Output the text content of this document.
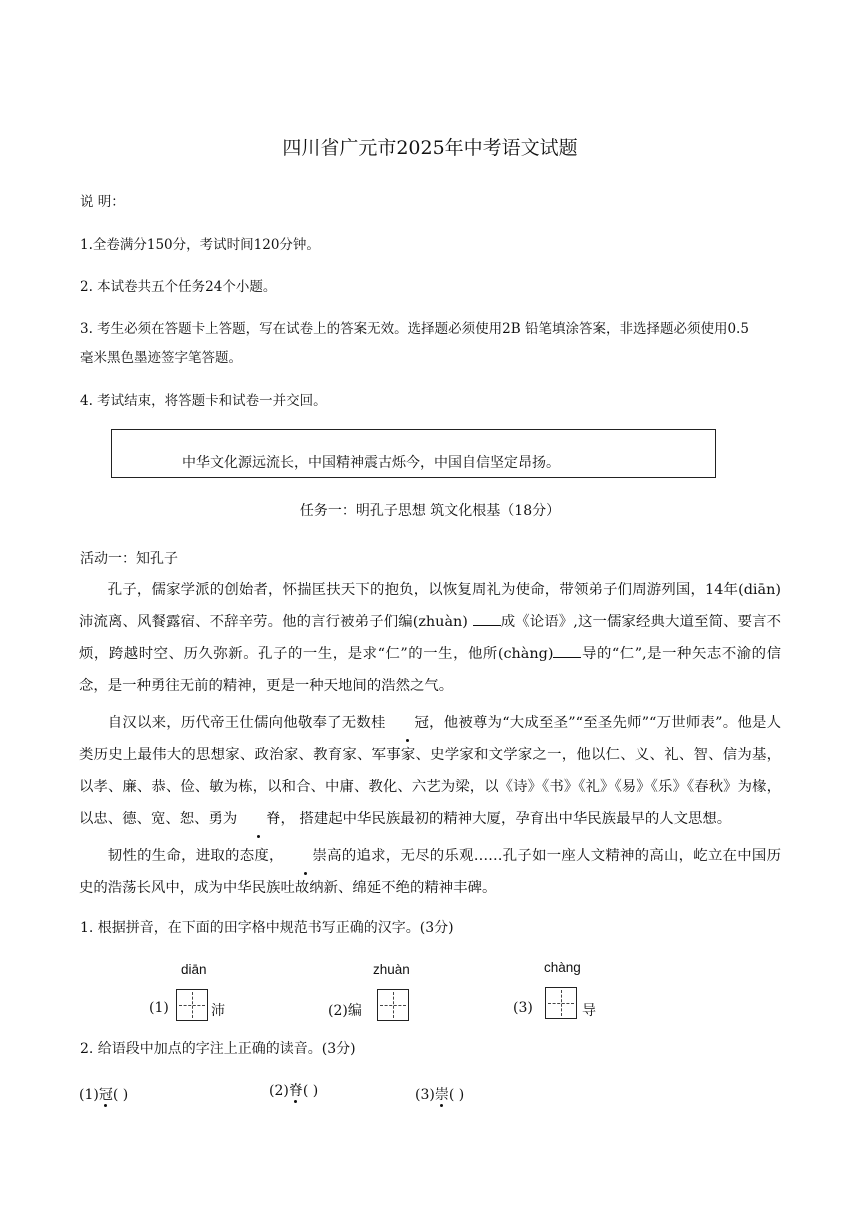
四川省广元市2025年中考语文试题
说 明：
1.全卷满分150分，考试时间120分钟。
2. 本试卷共五个任务24个小题。
3. 考生必须在答题卡上答题，写在试卷上的答案无效。选择题必须使用2B 铅笔填涂答案，非选择题必须使用0.5
毫米黑色墨迹签字笔答题。
4. 考试结束，将答题卡和试卷一并交回。
中华文化源远流长，中国精神震古烁今，中国自信坚定昂扬。
任务一：明孔子思想 筑文化根基（18分）
活动一：知孔子
孔子，儒家学派的创始者，怀揣匡扶天下的抱负，以恢复周礼为使命，带领弟子们周游列国，14年(diān)沛流离、风餐露宿、不辞辛劳。他的言行被弟子们编(zhuàn) 成《论语》,这一儒家经典大道至简、要言不烦，跨越时空、历久弥新。孔子的一生，是求“仁”的一生，他所(chàng) 导的“仁”,是一种矢志不渝的信念，是一种勇往无前的精神，更是一种天地间的浩然之气。
自汉以来，历代帝王仕儒向他敬奉了无数桂 冠，他被尊为“大成至圣”“至圣先师”“万世师表”。他是人类历史上最伟大的思想家、政治家、教育家、军事家、史学家和文学家之一，他以仁、义、礼、智、信为基，以孝、廉、恭、俭、敏为栋，以和合、中庸、教化、六艺为梁，以《诗》《书》《礼》《易》《乐》《春秋》为椽，以忠、德、宽、恕、勇为 脊， 搭建起中华民族最初的精神大厦，孕育出中华民族最早的人文思想。
韧性的生命，进取的态度， 崇高的追求，无尽的乐观……孔子如一座人文精神的高山，屹立在中国历史的浩荡长风中，成为中华民族吐故纳新、绵延不绝的精神丰碑。
1. 根据拼音，在下面的田字格中规范书写正确的汉字。(3分)
diān	zhuàn	chàng
(1)	沛	(2)编	(3)	导
2. 给语段中加点的字注上正确的读音。(3分)
(1)冠( )	(2)脊( )	(3)崇( )
